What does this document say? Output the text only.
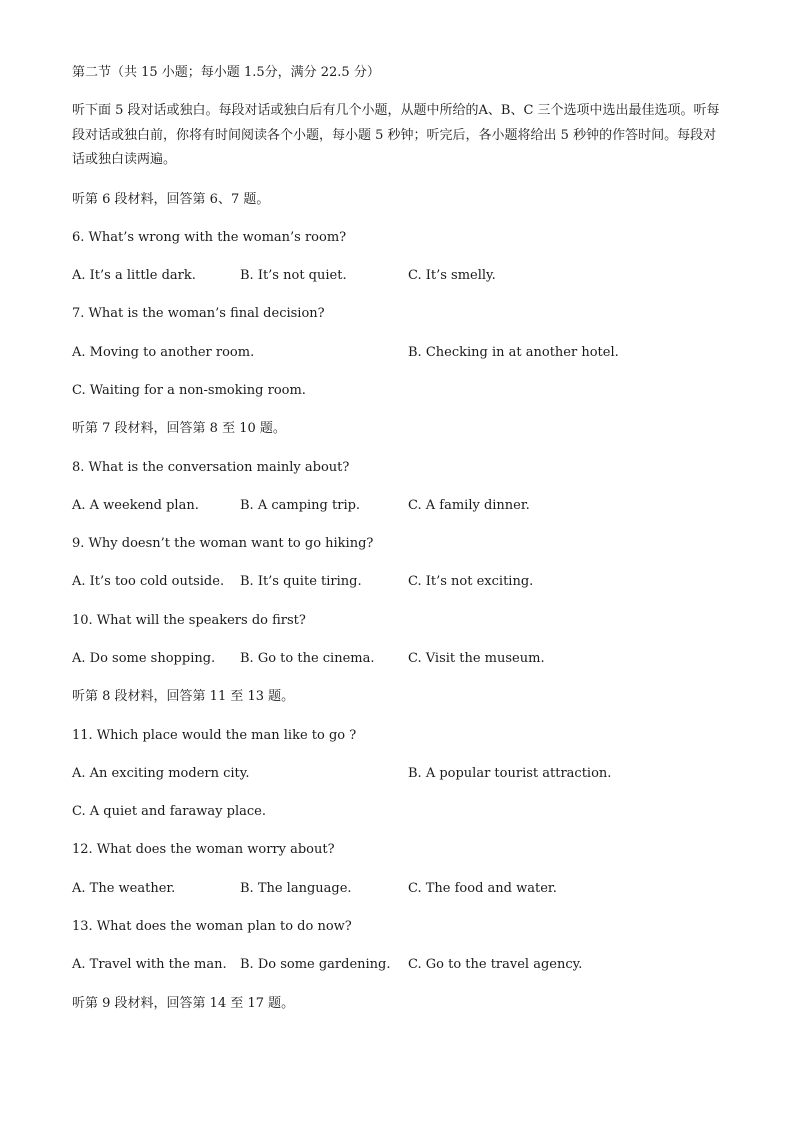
第二节（共 15 小题；每小题 1.5分，满分 22.5 分）
听下面 5 段对话或独白。每段对话或独白后有几个小题，从题中所给的A、B、C 三个选项中选出最佳选项。听每段对话或独白前，你将有时间阅读各个小题，每小题 5 秒钟；听完后，各小题将给出 5 秒钟的作答时间。每段对话或独白读两遍。
听第 6 段材料，回答第 6、7 题。
6. What’s wrong with the woman’s room?
A. It’s a little dark.	B. It’s not quiet.	C. It’s smelly.
7. What is the woman’s final decision?
A. Moving to another room.	B. Checking in at another hotel.
C. Waiting for a non-smoking room.
听第 7 段材料，回答第 8 至 10 题。
8. What is the conversation mainly about?
A. A weekend plan.	B. A camping trip.	C. A family dinner.
9. Why doesn’t the woman want to go hiking?
A. It’s too cold outside. B. It’s quite tiring.	C. It’s not exciting.
10. What will the speakers do first?
A. Do some shopping. B. Go to the cinema.	C. Visit the museum.
听第 8 段材料，回答第 11 至 13 题。
11. Which place would the man like to go ?
A. An exciting modern city.	B. A popular tourist attraction.
C. A quiet and faraway place.
12. What does the woman worry about?
A. The weather.	B. The language.	C. The food and water.
13. What does the woman plan to do now?
A. Travel with the man. B. Do some gardening. C. Go to the travel agency.
听第 9 段材料，回答第 14 至 17 题。
